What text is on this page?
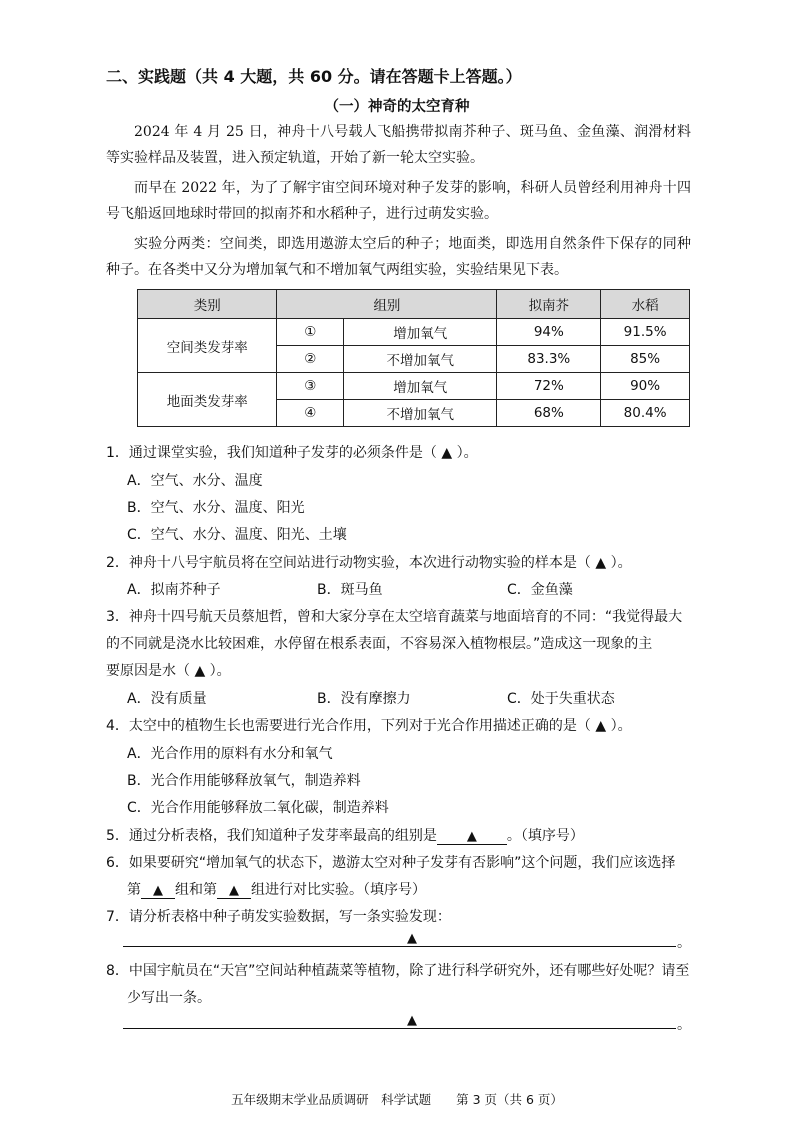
二、实践题（共 4 大题，共 60 分。请在答题卡上答题。）
（一）神奇的太空育种
2024 年 4 月 25 日，神舟十八号载人飞船携带拟南芥种子、斑马鱼、金鱼藻、润滑材料等实验样品及装置，进入预定轨道，开始了新一轮太空实验。
而早在 2022 年，为了了解宇宙空间环境对种子发芽的影响，科研人员曾经利用神舟十四号飞船返回地球时带回的拟南芥和水稻种子，进行过萌发实验。
实验分两类：空间类，即选用遨游太空后的种子；地面类，即选用自然条件下保存的同种种子。在各类中又分为增加氧气和不增加氧气两组实验，实验结果见下表。
类别	组别		拟南芥	水稻
空间类发芽率	①	增加氧气	94%	91.5%
	②	不增加氧气	83.3%	85%
地面类发芽率	③	增加氧气	72%	90%
	④	不增加氧气	68%	80.4%
1．通过课堂实验，我们知道种子发芽的必须条件是（ ▲ ）。
A．空气、水分、温度
B．空气、水分、温度、阳光
C．空气、水分、温度、阳光、土壤
2．神舟十八号宇航员将在空间站进行动物实验，本次进行动物实验的样本是（ ▲ ）。
A．拟南芥种子	B．斑马鱼	C．金鱼藻
3．神舟十四号航天员蔡旭哲，曾和大家分享在太空培育蔬菜与地面培育的不同：“我觉得最大
的不同就是浇水比较困难，水停留在根系表面，不容易深入植物根层。”造成这一现象的主
要原因是水（ ▲ ）。
A．没有质量	B．没有摩擦力	C．处于失重状态
4．太空中的植物生长也需要进行光合作用，下列对于光合作用描述正确的是（ ▲ ）。
A．光合作用的原料有水分和氧气
B．光合作用能够释放氧气，制造养料
C．光合作用能够释放二氧化碳，制造养料
5．通过分析表格，我们知道种子发芽率最高的组别是 ▲ 。（填序号）
6．如果要研究“增加氧气的状态下，遨游太空对种子发芽有否影响”这个问题，我们应该选择
第 ▲ 组和第 ▲ 组进行对比实验。（填序号）
7．请分析表格中种子萌发实验数据，写一条实验发现：
▲	。
8．中国宇航员在“天宫”空间站种植蔬菜等植物，除了进行科学研究外，还有哪些好处呢？请至
少写出一条。
▲	。
五年级期末学业品质调研　科学试题　　第 3 页（共 6 页）
